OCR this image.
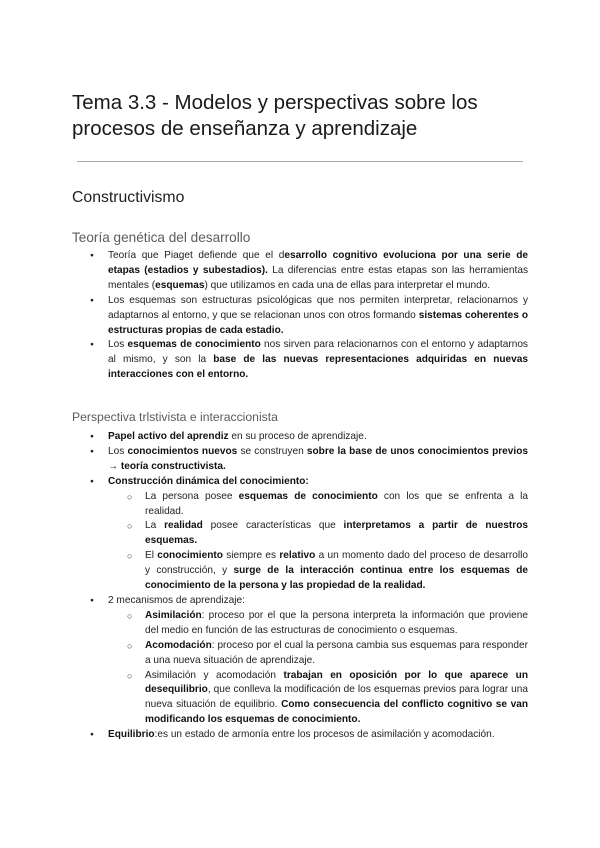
Tema 3.3 - Modelos y perspectivas sobre los procesos de enseñanza y aprendizaje
Constructivismo
Teoría genética del desarrollo
● Teoría que Piaget defiende que el desarrollo cognitivo evoluciona por una serie de etapas (estadios y subestadios). La diferencias entre estas etapas son las herramientas mentales (esquemas) que utilizamos en cada una de ellas para interpretar el mundo.
● Los esquemas son estructuras psicológicas que nos permiten interpretar, relacionarnos y adaptarnos al entorno, y que se relacionan unos con otros formando sistemas coherentes o estructuras propias de cada estadio.
● Los esquemas de conocimiento nos sirven para relacionarnos con el entorno y adaptarnos al mismo, y son la base de las nuevas representaciones adquiridas en nuevas interacciones con el entorno.
Perspectiva trlstivista e interaccionista
● Papel activo del aprendiz en su proceso de aprendizaje.
● Los conocimientos nuevos se construyen sobre la base de unos conocimientos previos → teoría constructivista.
● Construcción dinámica del conocimiento:
○ La persona posee esquemas de conocimiento con los que se enfrenta a la realidad.
○ La realidad posee características que interpretamos a partir de nuestros esquemas.
○ El conocimiento siempre es relativo a un momento dado del proceso de desarrollo y construcción, y surge de la interacción continua entre los esquemas de conocimiento de la persona y las propiedad de la realidad.
● 2 mecanismos de aprendizaje:
○ Asimilación: proceso por el que la persona interpreta la información que proviene del medio en función de las estructuras de conocimiento o esquemas.
○ Acomodación: proceso por el cual la persona cambia sus esquemas para responder a una nueva situación de aprendizaje.
○ Asimilación y acomodación trabajan en oposición por lo que aparece un desequilibrio, que conlleva la modificación de los esquemas previos para lograr una nueva situación de equilibrio. Como consecuencia del conflicto cognitivo se van modificando los esquemas de conocimiento.
● Equilibrio:es un estado de armonía entre los procesos de asimilación y acomodación.
